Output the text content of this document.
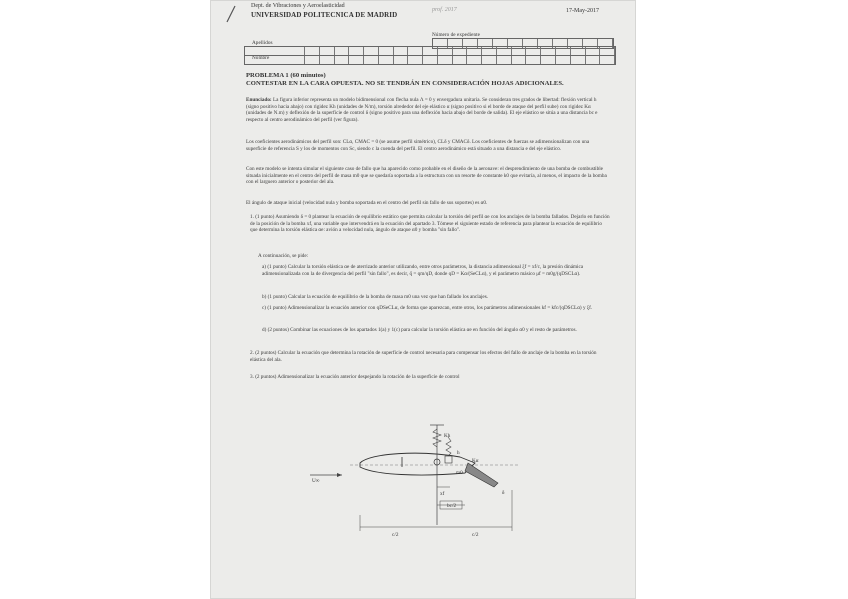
Dept. de Vibraciones y Aeroelasticidad
UNIVERSIDAD POLITECNICA DE MADRID
prof. 2017	17-May-2017
Número de expediente
Apellidos
Nombre
PROBLEMA 1 (60 minutos)
CONTESTAR EN LA CARA OPUESTA. NO SE TENDRÁN EN CONSIDERACIÓN HOJAS ADICIONALES.
Enunciado: La figura inferior representa un modelo bidimensional con flecha nula Λ = 0 y envergadura unitaria. Se consideran tres grados de libertad: flexión vertical h (signo positivo hacia abajo) con rigidez Kh (unidades de N/m), torsión alrededor del eje elástico α (signo positivo si el borde de ataque del perfil sube) con rigidez Kα (unidades de N.m) y deflexión de la superficie de control δ (signo positivo para una deflexión hacia abajo del borde de salida). El eje elástico se sitúa a una distancia bc e respecto al centro aerodinámico del perfil (ver figura).
Los coeficientes aerodinámicos del perfil son: CLα, CMAC = 0 (se asume perfil simétrico), CLδ y CMACδ. Los coeficientes de fuerzas se adimensionalizan con una superficie de referencia S y los de momentos con Sc, siendo c la cuenda del perfil. El centro aerodinámico está situado a una distancia e del eje elástico.
Con este modelo se intenta simular el siguiente caso de fallo que ha aparecido como probable en el diseño de la aeronave: el desprendimiento de una bomba de combustible situada inicialmente en el centro del perfil de masa m0 que se quedaría soportada a la estructura con un resorte de constante k0 que evitaría, al menos, el impacto de la bomba con el larguero anterior o posterior del ala.
El ángulo de ataque inicial (velocidad nula y bomba soportada en el centro del perfil sin fallo de sus soportes) es α0.
1. (1 punto) Asumiendo δ = 0 plantear la ecuación de equilibrio estático que permita calcular la torsión del perfil αe con los anclajes de la bomba fallados. Dejarlo en función de la posición de la bomba xf, una variable que intervendrá en la ecuación del apartado 3. Tómese el siguiente estado de referencia para plantear la ecuación de equilibrio que determina la torsión elástica αe: avión a velocidad nula, ángulo de ataque α0 y bomba "sin fallo".
A continuación, se pide:
a) (1 punto) Calcular la torsión elástica αe de aterrizado anterior utilizando, entre otros parámetros, la distancia adimensional ξf = xf/c, la presión dinámica adimensionalizada con la de divergencia del perfil "sin fallo", es decir, q̄ = qm/qD, donde qD = Kα/(SeCLα), y el parámetro másico μf = m0g/(qDSCLα).
b) (1 punto) Calcular la ecuación de equilibrio de la bomba de masa m0 una vez que han fallado los anclajes.
c) (1 punto) Adimensionalizar la ecuación anterior con qDSeCLα, de forma que aparezcan, entre otros, los parámetros adimensionales kf = kfc/(qDSCLα) y ξf.
d) (2 puntos) Combinar las ecuaciones de los apartados 1(a) y 1(c) para calcular la torsión elástica αe en función del ángulo α0 y el resto de parámetros.
2. (2 puntos) Calcular la ecuación que determina la rotación de superficie de control necesaria para compensar los efectos del fallo de anclaje de la bomba en la torsión elástica del ala.
3. (2 puntos) Adimensionalizar la ecuación anterior despejando la rotación de la superficie de control
U∞
h
Kα
Kh
m0
xf
bc/2
δ
c/2	c/2
